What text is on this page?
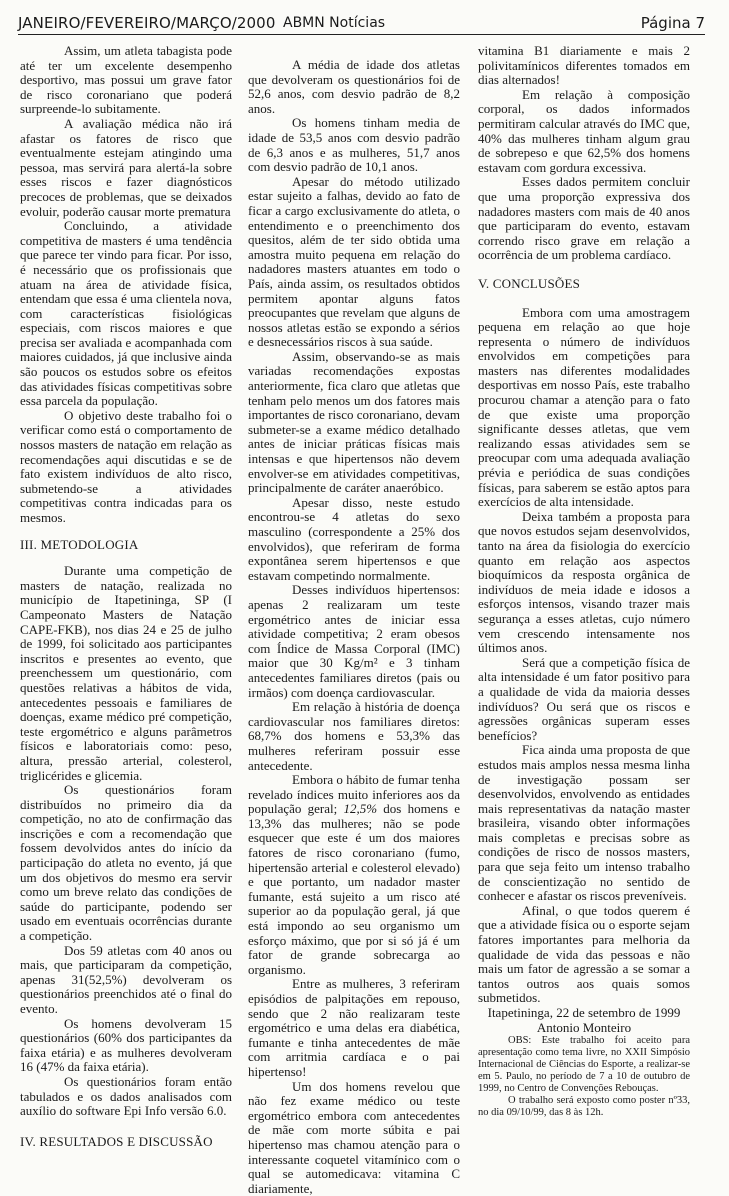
JANEIRO/FEVEREIRO/MARÇO/2000 ABMN Notícias	Página 7

Assim, um atleta tabagista pode até ter um excelente desempenho desportivo, mas possui um grave fator de risco coronariano que poderá surpreende-lo subitamente.

A avaliação médica não irá afastar os fatores de risco que eventualmente estejam atingindo uma pessoa, mas servirá para alertá-la sobre esses riscos e fazer diagnósticos precoces de problemas, que se deixados evoluir, poderão causar morte prematura

Concluindo, a atividade competitiva de masters é uma tendência que parece ter vindo para ficar. Por isso, é necessário que os profissionais que atuam na área de atividade física, entendam que essa é uma clientela nova, com características fisiológicas especiais, com riscos maiores e que precisa ser avaliada e acompanhada com maiores cuidados, já que inclusive ainda são poucos os estudos sobre os efeitos das atividades físicas competitivas sobre essa parcela da população.

O objetivo deste trabalho foi o verificar como está o comportamento de nossos masters de natação em relação as recomendações aqui discutidas e se de fato existem indivíduos de alto risco, submetendo-se a atividades competitivas contra indicadas para os mesmos.

III. METODOLOGIA

Durante uma competição de masters de natação, realizada no município de Itapetininga, SP (I Campeonato Masters de Natação CAPE-FKB), nos dias 24 e 25 de julho de 1999, foi solicitado aos participantes inscritos e presentes ao evento, que preenchessem um questionário, com questões relativas a hábitos de vida, antecedentes pessoais e familiares de doenças, exame médico pré competição, teste ergométrico e alguns parâmetros físicos e laboratoriais como: peso, altura, pressão arterial, colesterol, triglicérides e glicemia.

Os questionários foram distribuídos no primeiro dia da competição, no ato de confirmação das inscrições e com a recomendação que fossem devolvidos antes do início da participação do atleta no evento, já que um dos objetivos do mesmo era servir como um breve relato das condições de saúde do participante, podendo ser usado em eventuais ocorrências durante a competição.

Dos 59 atletas com 40 anos ou mais, que participaram da competição, apenas 31(52,5%) devolveram os questionários preenchidos até o final do evento.

Os homens devolveram 15 questionários (60% dos participantes da faixa etária) e as mulheres devolveram 16 (47% da faixa etária).

Os questionários foram então tabulados e os dados analisados com auxílio do software Epi Info versão 6.0.

IV. RESULTADOS E DISCUSSÃO

A média de idade dos atletas que devolveram os questionários foi de 52,6 anos, com desvio padrão de 8,2 anos.

Os homens tinham media de idade de 53,5 anos com desvio padrão de 6,3 anos e as mulheres, 51,7 anos com desvio padrão de 10,1 anos.

Apesar do método utilizado estar sujeito a falhas, devido ao fato de ficar a cargo exclusivamente do atleta, o entendimento e o preenchimento dos quesitos, além de ter sido obtida uma amostra muito pequena em relação do nadadores masters atuantes em todo o País, ainda assim, os resultados obtidos permitem apontar alguns fatos preocupantes que revelam que alguns de nossos atletas estão se expondo a sérios e desnecessários riscos à sua saúde.

Assim, observando-se as mais variadas recomendações expostas anteriormente, fica claro que atletas que tenham pelo menos um dos fatores mais importantes de risco coronariano, devam submeter-se a exame médico detalhado antes de iniciar práticas físicas mais intensas e que hipertensos não devem envolver-se em atividades competitivas, principalmente de caráter anaeróbico.

Apesar disso, neste estudo encontrou-se 4 atletas do sexo masculino (correspondente a 25% dos envolvidos), que referiram de forma expontânea serem hipertensos e que estavam competindo normalmente.

Desses indivíduos hipertensos: apenas 2 realizaram um teste ergométrico antes de iniciar essa atividade competitiva; 2 eram obesos com Índice de Massa Corporal (IMC) maior que 30 Kg/m² e 3 tinham antecedentes familiares diretos (pais ou irmãos) com doença cardiovascular.

Em relação à história de doença cardiovascular nos familiares diretos: 68,7% dos homens e 53,3% das mulheres referiram possuir esse antecedente.

Embora o hábito de fumar tenha revelado índices muito inferiores aos da população geral; 12,5% dos homens e 13,3% das mulheres; não se pode esquecer que este é um dos maiores fatores de risco coronariano (fumo, hipertensão arterial e colesterol elevado) e que portanto, um nadador master fumante, está sujeito a um risco até superior ao da população geral, já que está impondo ao seu organismo um esforço máximo, que por si só já é um fator de grande sobrecarga ao organismo.

Entre as mulheres, 3 referiram episódios de palpitações em repouso, sendo que 2 não realizaram teste ergométrico e uma delas era diabética, fumante e tinha antecedentes de mãe com arritmia cardíaca e o pai hipertenso!

Um dos homens revelou que não fez exame médico ou teste ergométrico embora com antecedentes de mãe com morte súbita e pai hipertenso mas chamou atenção para o interessante coquetel vitamínico com o qual se automedicava: vitamina C diariamente,

vitamina B1 diariamente e mais 2 polivitamínicos diferentes tomados em dias alternados!

Em relação à composição corporal, os dados informados permitiram calcular através do IMC que, 40% das mulheres tinham algum grau de sobrepeso e que 62,5% dos homens estavam com gordura excessiva.

Esses dados permitem concluir que uma proporção expressiva dos nadadores masters com mais de 40 anos que participaram do evento, estavam correndo risco grave em relação a ocorrência de um problema cardíaco.

V. CONCLUSÕES

Embora com uma amostragem pequena em relação ao que hoje representa o número de indivíduos envolvidos em competições para masters nas diferentes modalidades desportivas em nosso País, este trabalho procurou chamar a atenção para o fato de que existe uma proporção significante desses atletas, que vem realizando essas atividades sem se preocupar com uma adequada avaliação prévia e periódica de suas condições físicas, para saberem se estão aptos para exercícios de alta intensidade.

Deixa também a proposta para que novos estudos sejam desenvolvidos, tanto na área da fisiologia do exercício quanto em relação aos aspectos bioquímicos da resposta orgânica de indivíduos de meia idade e idosos a esforços intensos, visando trazer mais segurança a esses atletas, cujo número vem crescendo intensamente nos últimos anos.

Será que a competição física de alta intensidade é um fator positivo para a qualidade de vida da maioria desses indivíduos? Ou será que os riscos e agressões orgânicas superam esses benefícios?

Fica ainda uma proposta de que estudos mais amplos nessa mesma linha de investigação possam ser desenvolvidos, envolvendo as entidades mais representativas da natação master brasileira, visando obter informações mais completas e precisas sobre as condições de risco de nossos masters, para que seja feito um intenso trabalho de conscientização no sentido de conhecer e afastar os riscos preveníveis.

Afinal, o que todos querem é que a atividade física ou o esporte sejam fatores importantes para melhoria da qualidade de vida das pessoas e não mais um fator de agressão a se somar a tantos outros aos quais somos submetidos.

Itapetininga, 22 de setembro de 1999

Antonio Monteiro

OBS: Este trabalho foi aceito para apresentação como tema livre, no XXII Simpósio Internacional de Ciências do Esporte, a realizar-se em 5. Paulo, no período de 7 a 10 de outubro de 1999, no Centro de Convenções Rebouças.

O trabalho será exposto como poster nº33, no dia 09/10/99, das 8 às 12h.
